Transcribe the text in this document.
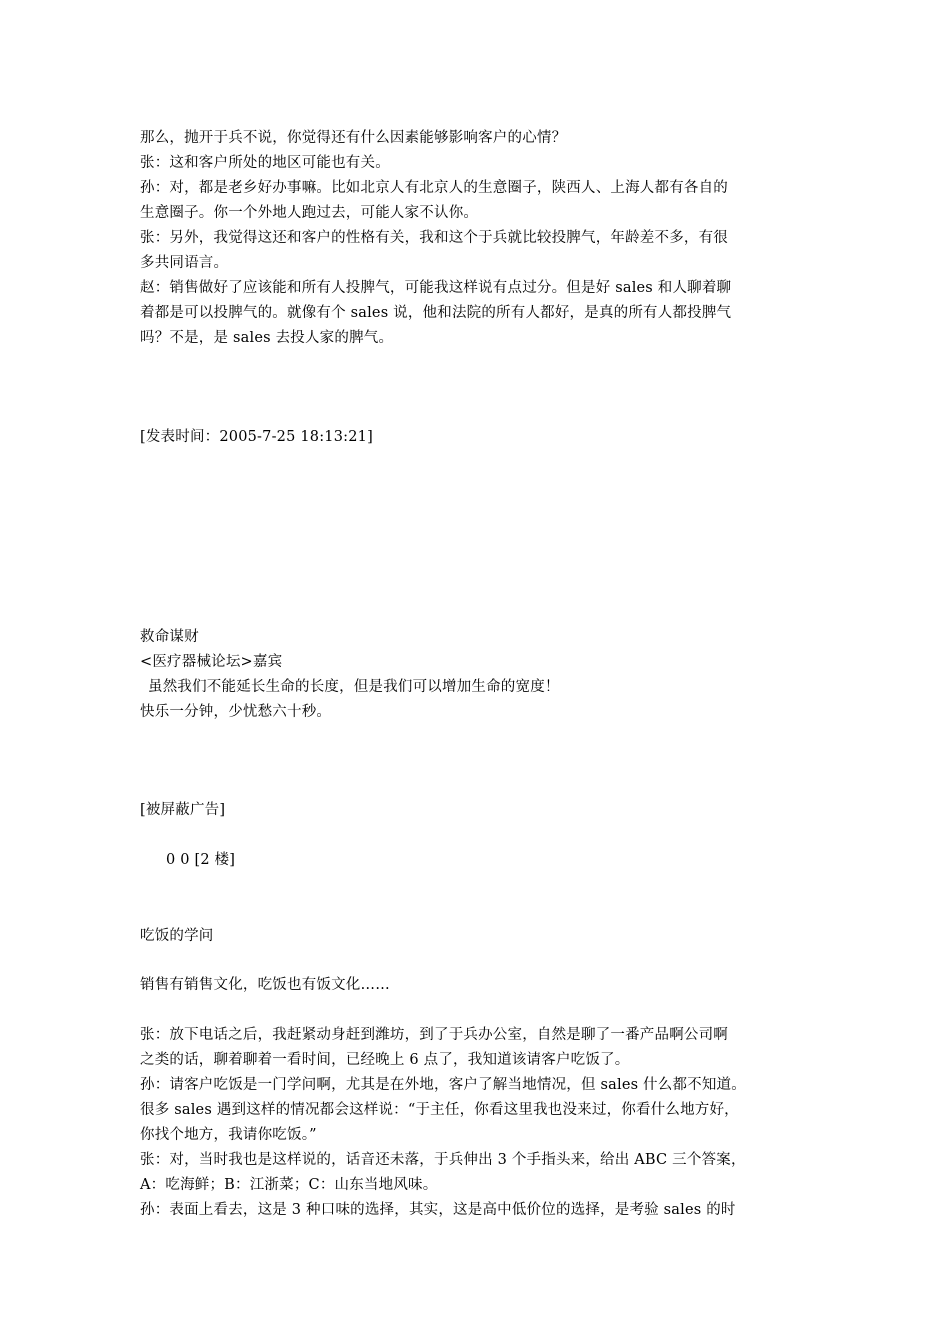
那么，抛开于兵不说，你觉得还有什么因素能够影响客户的心情？
张：这和客户所处的地区可能也有关。
孙：对，都是老乡好办事嘛。比如北京人有北京人的生意圈子，陕西人、上海人都有各自的
生意圈子。你一个外地人跑过去，可能人家不认你。
张：另外，我觉得这还和客户的性格有关，我和这个于兵就比较投脾气，年龄差不多，有很
多共同语言。
赵：销售做好了应该能和所有人投脾气，可能我这样说有点过分。但是好 sales 和人聊着聊
着都是可以投脾气的。就像有个 sales 说，他和法院的所有人都好，是真的所有人都投脾气
吗？不是，是 sales 去投人家的脾气。
[发表时间：2005-7-25 18:13:21]
救命谋财
<医疗器械论坛>嘉宾
虽然我们不能延长生命的长度，但是我们可以增加生命的宽度！
快乐一分钟，少忧愁六十秒。
[被屏蔽广告]
0 0 [2 楼]
吃饭的学问
销售有销售文化，吃饭也有饭文化……
张：放下电话之后，我赶紧动身赶到潍坊，到了于兵办公室，自然是聊了一番产品啊公司啊
之类的话，聊着聊着一看时间，已经晚上 6 点了，我知道该请客户吃饭了。
孙：请客户吃饭是一门学问啊，尤其是在外地，客户了解当地情况，但 sales 什么都不知道。
很多 sales 遇到这样的情况都会这样说：“于主任，你看这里我也没来过，你看什么地方好，
你找个地方，我请你吃饭。”
张：对，当时我也是这样说的，话音还未落，于兵伸出 3 个手指头来，给出 ABC 三个答案，
A：吃海鲜；B：江浙菜；C：山东当地风味。
孙：表面上看去，这是 3 种口味的选择，其实，这是高中低价位的选择，是考验 sales 的时
